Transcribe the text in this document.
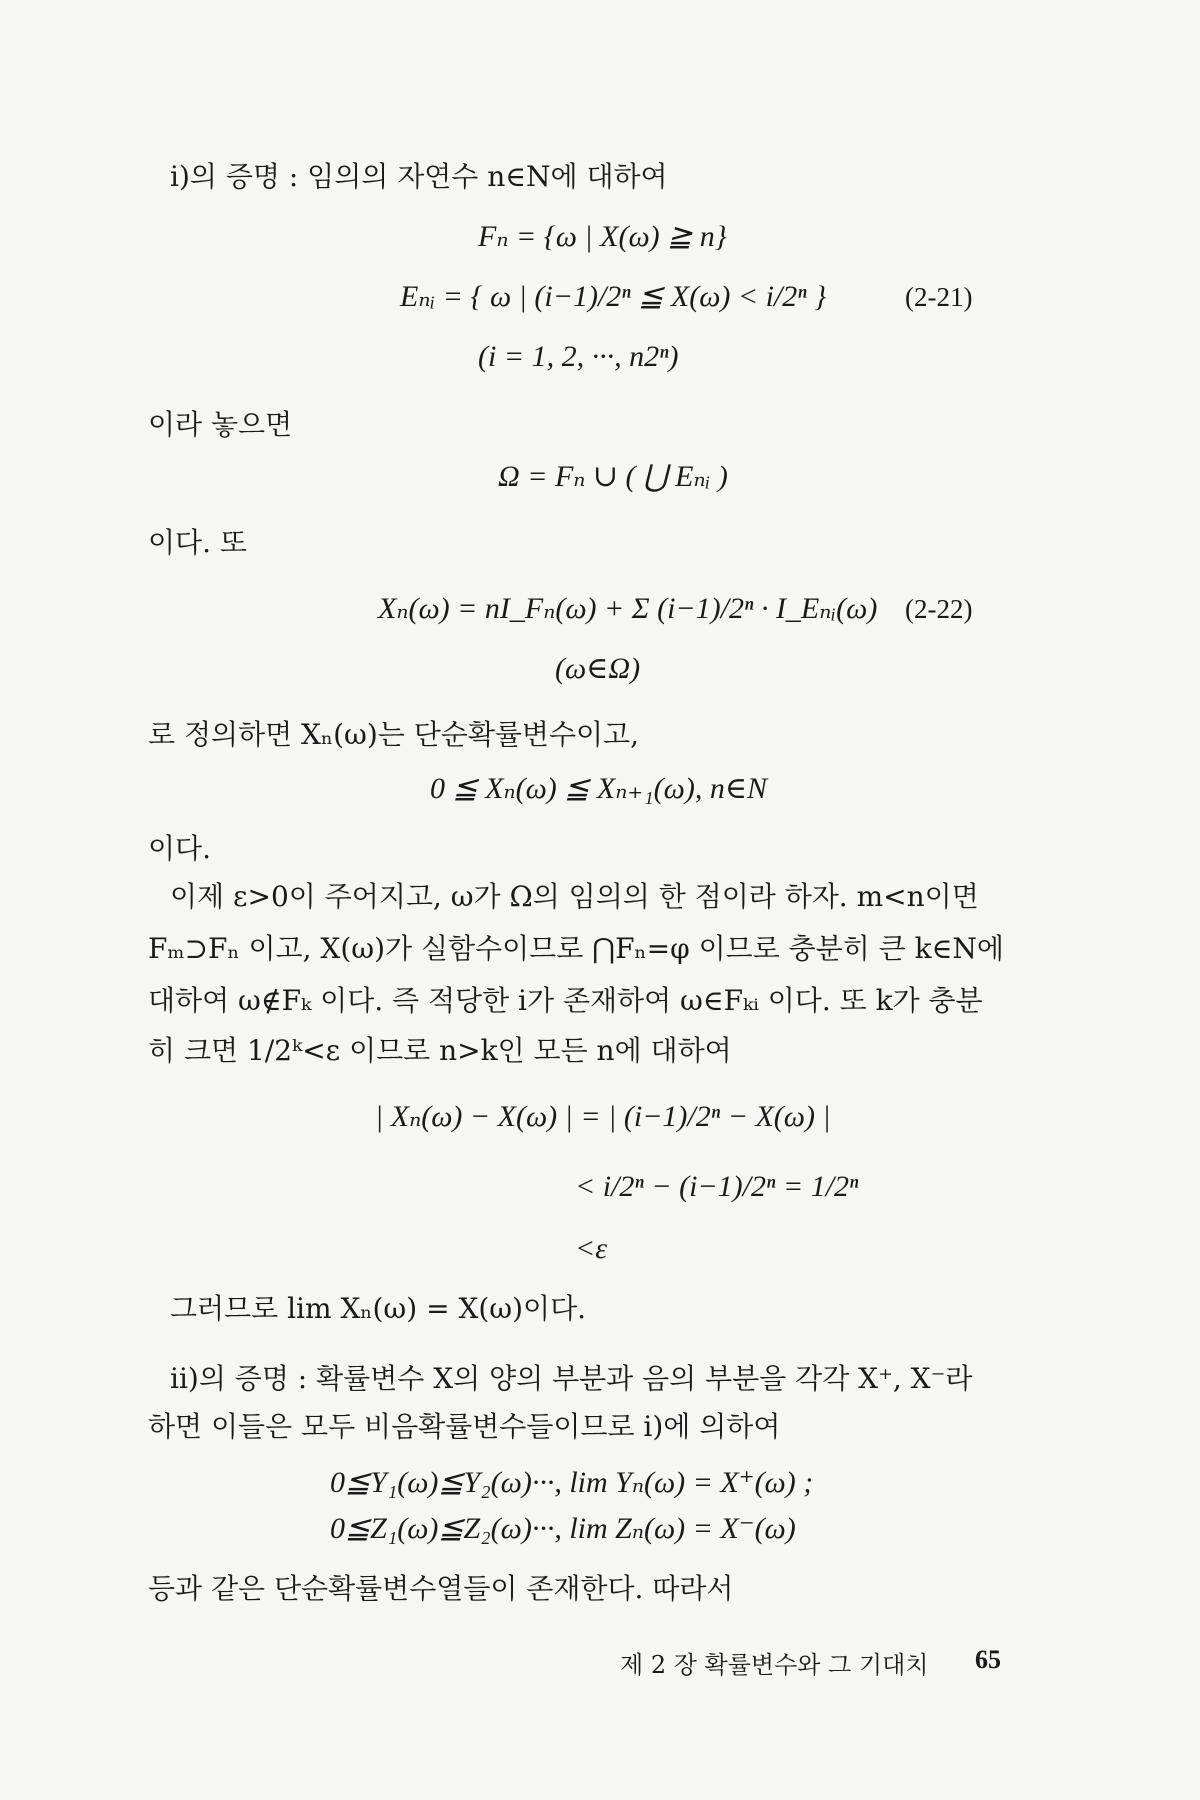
i)의 증명 : 임의의 자연수 n∈N에 대하여
Fₙ = {ω | X(ω) ≧ n}
Eₙᵢ = { ω | (i−1)/2ⁿ ≦ X(ω) < i/2ⁿ }	(2-21)
(i = 1, 2, ···, n2ⁿ)
이라 놓으면
Ω = Fₙ ∪ ( ⋃ Eₙᵢ )
이다. 또
Xₙ(ω) = nI_Fₙ(ω) + Σ (i−1)/2ⁿ · I_Eₙᵢ(ω) (2-22)
(ω∈Ω)
로 정의하면 Xₙ(ω)는 단순확률변수이고,
0 ≦ Xₙ(ω) ≦ Xₙ₊₁(ω), n∈N
이다.
이제 ε>0이 주어지고, ω가 Ω의 임의의 한 점이라 하자. m<n이면
Fₘ⊃Fₙ 이고, X(ω)가 실함수이므로 ⋂Fₙ=φ 이므로 충분히 큰 k∈N에
대하여 ω∉Fₖ 이다. 즉 적당한 i가 존재하여 ω∈Fₖᵢ 이다. 또 k가 충분
히 크면 1/2ᵏ<ε 이므로 n>k인 모든 n에 대하여
| Xₙ(ω) − X(ω) | = | (i−1)/2ⁿ − X(ω) |
< i/2ⁿ − (i−1)/2ⁿ = 1/2ⁿ
<ε
그러므로 lim Xₙ(ω) = X(ω)이다.
ii)의 증명 : 확률변수 X의 양의 부분과 음의 부분을 각각 X⁺, X⁻라
하면 이들은 모두 비음확률변수들이므로 i)에 의하여
0≦Y₁(ω)≦Y₂(ω)···, lim Yₙ(ω) = X⁺(ω) ;
0≦Z₁(ω)≦Z₂(ω)···, lim Zₙ(ω) = X⁻(ω)
등과 같은 단순확률변수열들이 존재한다. 따라서
제 2 장 확률변수와 그 기대치 65
